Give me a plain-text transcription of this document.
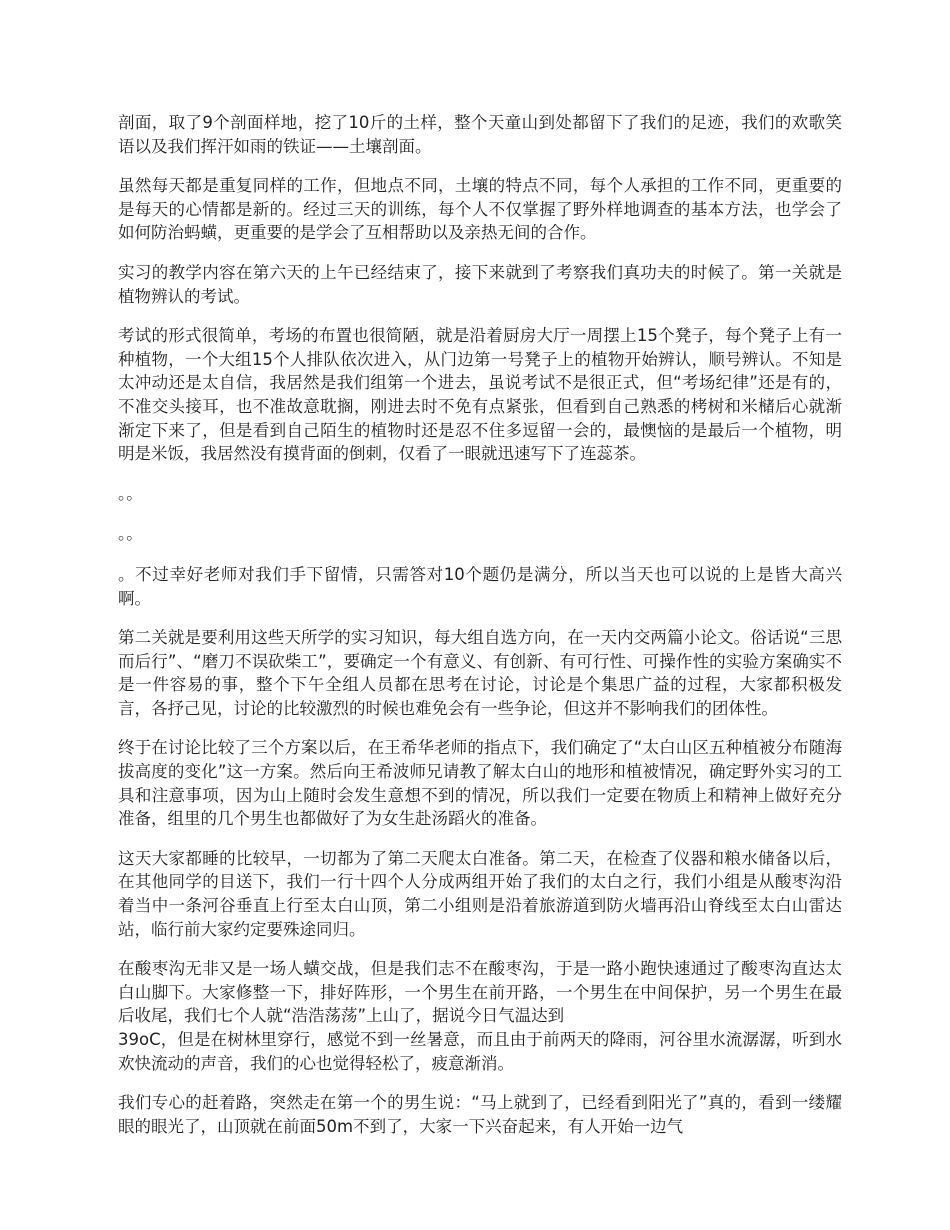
剖面，取了9个剖面样地，挖了10斤的土样，整个天童山到处都留下了我们的足迹，我们的欢歌笑语以及我们挥汗如雨的铁证——土壤剖面。

虽然每天都是重复同样的工作，但地点不同，土壤的特点不同，每个人承担的工作不同，更重要的是每天的心情都是新的。经过三天的训练，每个人不仅掌握了野外样地调查的基本方法，也学会了如何防治蚂蟥，更重要的是学会了互相帮助以及亲热无间的合作。

实习的教学内容在第六天的上午已经结束了，接下来就到了考察我们真功夫的时候了。第一关就是植物辨认的考试。

考试的形式很简单，考场的布置也很简陋，就是沿着厨房大厅一周摆上15个凳子，每个凳子上有一种植物，一个大组15个人排队依次进入，从门边第一号凳子上的植物开始辨认，顺号辨认。不知是太冲动还是太自信，我居然是我们组第一个进去，虽说考试不是很正式，但“考场纪律”还是有的，不准交头接耳，也不准故意耽搁，刚进去时不免有点紧张，但看到自己熟悉的栲树和米槠后心就渐渐定下来了，但是看到自己陌生的植物时还是忍不住多逗留一会的，最懊恼的是最后一个植物，明明是米饭，我居然没有摸背面的倒刺，仅看了一眼就迅速写下了连蕊茶。

。。

。。

。不过幸好老师对我们手下留情，只需答对10个题仍是满分，所以当天也可以说的上是皆大高兴啊。

第二关就是要利用这些天所学的实习知识，每大组自选方向，在一天内交两篇小论文。俗话说“三思而后行”、“磨刀不误砍柴工”，要确定一个有意义、有创新、有可行性、可操作性的实验方案确实不是一件容易的事，整个下午全组人员都在思考在讨论，讨论是个集思广益的过程，大家都积极发言，各抒己见，讨论的比较激烈的时候也难免会有一些争论，但这并不影响我们的团体性。

终于在讨论比较了三个方案以后，在王希华老师的指点下，我们确定了“太白山区五种植被分布随海拔高度的变化”这一方案。然后向王希波师兄请教了解太白山的地形和植被情况，确定野外实习的工具和注意事项，因为山上随时会发生意想不到的情况，所以我们一定要在物质上和精神上做好充分准备，组里的几个男生也都做好了为女生赴汤蹈火的准备。

这天大家都睡的比较早，一切都为了第二天爬太白准备。第二天，在检查了仪器和粮水储备以后，在其他同学的目送下，我们一行十四个人分成两组开始了我们的太白之行，我们小组是从酸枣沟沿着当中一条河谷垂直上行至太白山顶，第二小组则是沿着旅游道到防火墙再沿山脊线至太白山雷达站，临行前大家约定要殊途同归。

在酸枣沟无非又是一场人蟥交战，但是我们志不在酸枣沟，于是一路小跑快速通过了酸枣沟直达太白山脚下。大家修整一下，排好阵形，一个男生在前开路，一个男生在中间保护，另一个男生在最后收尾，我们七个人就“浩浩荡荡”上山了，据说今日气温达到
39oC，但是在树林里穿行，感觉不到一丝暑意，而且由于前两天的降雨，河谷里水流潺潺，听到水欢快流动的声音，我们的心也觉得轻松了，疲意渐消。

我们专心的赶着路，突然走在第一个的男生说：“马上就到了，已经看到阳光了”真的，看到一缕耀眼的眼光了，山顶就在前面50m不到了，大家一下兴奋起来，有人开始一边气
